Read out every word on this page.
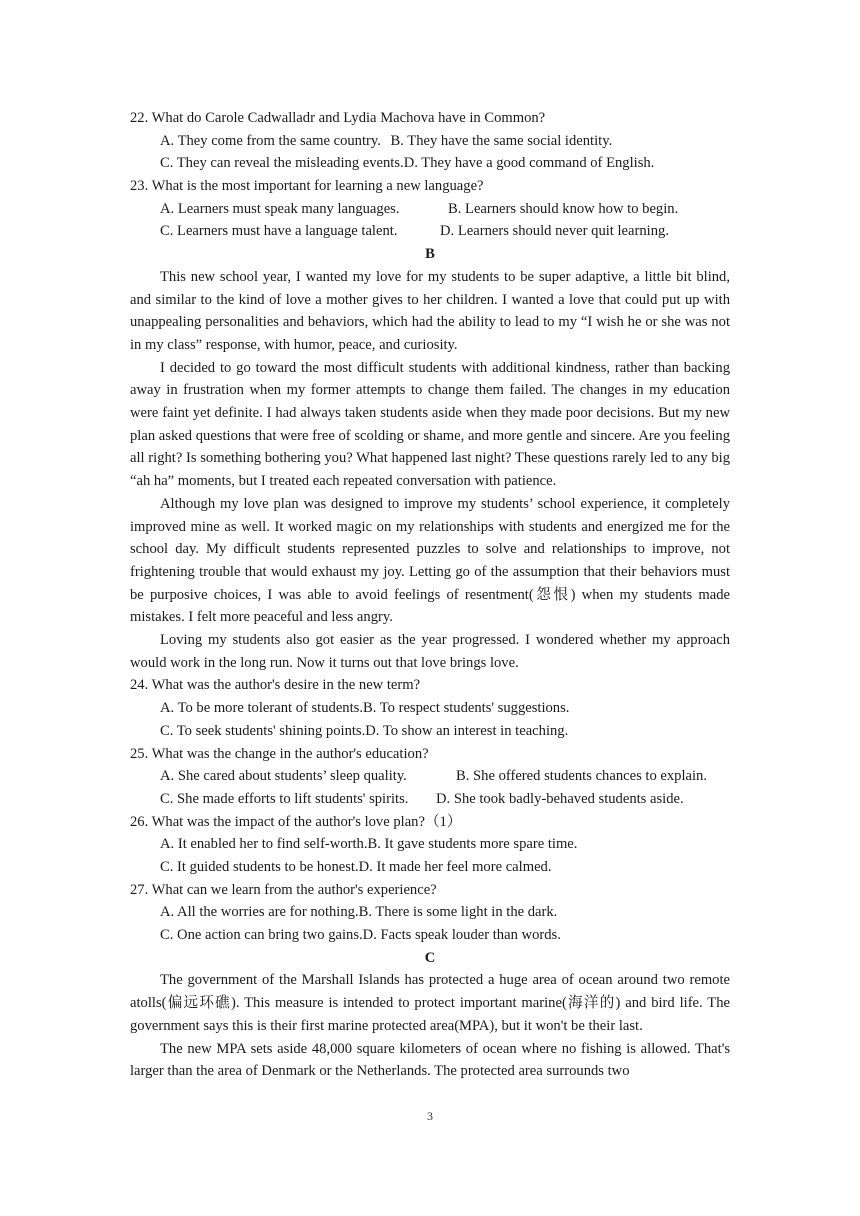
22. What do Carole Cadwalladr and Lydia Machova have in Common?
A. They come from the same country. B. They have the same social identity.
C. They can reveal the misleading events.D. They have a good command of English.
23. What is the most important for learning a new language?
A. Learners must speak many languages.	B. Learners should know how to begin.
C. Learners must have a language talent.	D. Learners should never quit learning.
B

This new school year, I wanted my love for my students to be super adaptive, a little bit blind, and similar to the kind of love a mother gives to her children. I wanted a love that could put up with unappealing personalities and behaviors, which had the ability to lead to my “I wish he or she was not in my class” response, with humor, peace, and curiosity.

I decided to go toward the most difficult students with additional kindness, rather than backing away in frustration when my former attempts to change them failed. The changes in my education were faint yet definite. I had always taken students aside when they made poor decisions. But my new plan asked questions that were free of scolding or shame, and more gentle and sincere. Are you feeling all right? Is something bothering you? What happened last night? These questions rarely led to any big “ah ha” moments, but I treated each repeated conversation with patience.

Although my love plan was designed to improve my students’ school experience, it completely improved mine as well. It worked magic on my relationships with students and energized me for the school day. My difficult students represented puzzles to solve and relationships to improve, not frightening trouble that would exhaust my joy. Letting go of the assumption that their behaviors must be purposive choices, I was able to avoid feelings of resentment(怨恨) when my students made mistakes. I felt more peaceful and less angry.

Loving my students also got easier as the year progressed. I wondered whether my approach would work in the long run. Now it turns out that love brings love.

24. What was the author's desire in the new term?
A. To be more tolerant of students.B. To respect students' suggestions.
C. To seek students' shining points.D. To show an interest in teaching.
25. What was the change in the author's education?
A. She cared about students’ sleep quality.	B. She offered students chances to explain.
C. She made efforts to lift students' spirits. D. She took badly-behaved students aside.
26. What was the impact of the author's love plan?（1）
A. It enabled her to find self-worth.B. It gave students more spare time.
C. It guided students to be honest.D. It made her feel more calmed.
27. What can we learn from the author's experience?
A. All the worries are for nothing.B. There is some light in the dark.
C. One action can bring two gains.D. Facts speak louder than words.
C

The government of the Marshall Islands has protected a huge area of ocean around two remote atolls(偏远环礁). This measure is intended to protect important marine(海洋的) and bird life. The government says this is their first marine protected area(MPA), but it won't be their last.

The new MPA sets aside 48,000 square kilometers of ocean where no fishing is allowed. That's larger than the area of Denmark or the Netherlands. The protected area surrounds two

3
